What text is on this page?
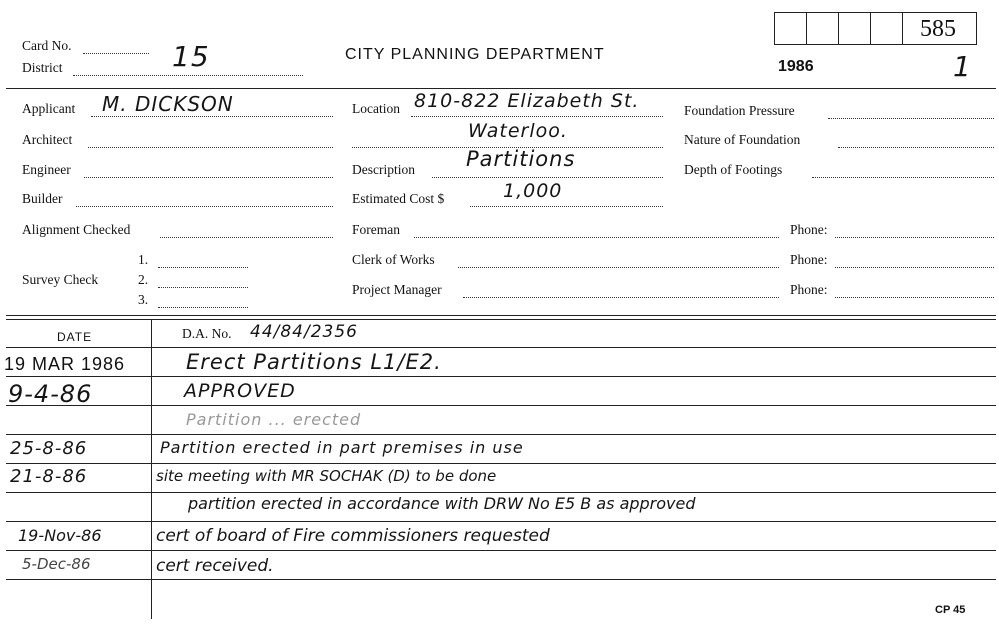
Card No.	15
District
CITY PLANNING DEPARTMENT
1986
585
1
Applicant M. DICKSON
Architect
Engineer
Builder
Alignment Checked
Survey Check
1.
2.
3.
Location 810-822 Elizabeth St.
Waterloo.
Description Partitions
Estimated Cost $	1,000
Foreman
Clerk of Works
Project Manager
Foundation Pressure
Nature of Foundation
Depth of Footings
Phone:
Phone:
Phone:
DATE	D.A. No. 44/84/2356
19 MAR 1986	Erect Partitions L1/E2.
9-4-86	APPROVED
Partition ... erected
25-8-86	Partition erected in part premises in use
21-8-86	site meeting with MR SOCHAK (D) to be done
partition erected in accordance with DRW No E5 B as approved
19-Nov-86	cert of board of Fire commissioners requested
5-Dec-86	cert received.
CP 45
